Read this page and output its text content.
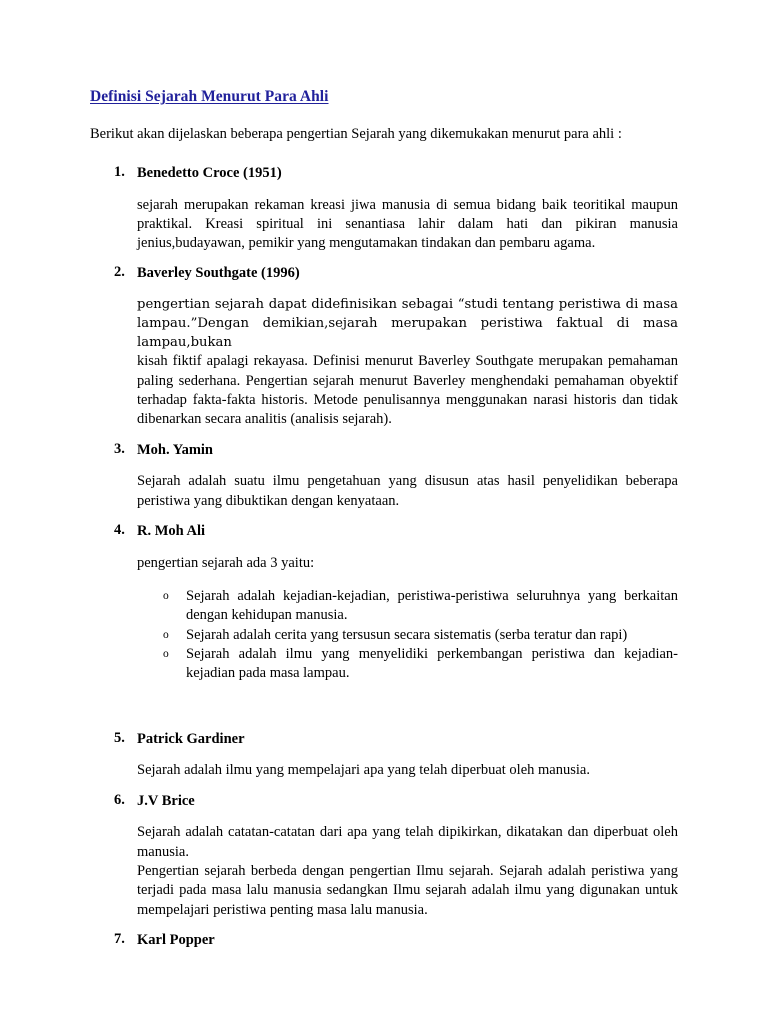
Definisi Sejarah Menurut Para Ahli

Berikut akan dijelaskan beberapa pengertian Sejarah yang dikemukakan menurut para ahli :

1. Benedetto Croce (1951)

sejarah merupakan rekaman kreasi jiwa manusia di semua bidang baik teoritikal maupun praktikal. Kreasi spiritual ini senantiasa lahir dalam hati dan pikiran manusia jenius,budayawan, pemikir yang mengutamakan tindakan dan pembaru agama.

2. Baverley Southgate (1996)

pengertian sejarah dapat didefinisikan sebagai “studi tentang peristiwa di masa lampau.”Dengan demikian,sejarah merupakan peristiwa faktual di masa lampau,bukan

kisah fiktif apalagi rekayasa. Definisi menurut Baverley Southgate merupakan pemahaman paling sederhana. Pengertian sejarah menurut Baverley menghendaki pemahaman obyektif terhadap fakta-fakta historis. Metode penulisannya menggunakan narasi historis dan tidak dibenarkan secara analitis (analisis sejarah).

3. Moh. Yamin

Sejarah adalah suatu ilmu pengetahuan yang disusun atas hasil penyelidikan beberapa peristiwa yang dibuktikan dengan kenyataan.

4. R. Moh Ali

pengertian sejarah ada 3 yaitu:

o Sejarah adalah kejadian-kejadian, peristiwa-peristiwa seluruhnya yang berkaitan dengan kehidupan manusia.
o Sejarah adalah cerita yang tersusun secara sistematis (serba teratur dan rapi)
o Sejarah adalah ilmu yang menyelidiki perkembangan peristiwa dan kejadian-kejadian pada masa lampau.
5. Patrick Gardiner

Sejarah adalah ilmu yang mempelajari apa yang telah diperbuat oleh manusia.

6. J.V Brice

Sejarah adalah catatan-catatan dari apa yang telah dipikirkan, dikatakan dan diperbuat oleh manusia.

Pengertian sejarah berbeda dengan pengertian Ilmu sejarah. Sejarah adalah peristiwa yang terjadi pada masa lalu manusia sedangkan Ilmu sejarah adalah ilmu yang digunakan untuk mempelajari peristiwa penting masa lalu manusia.

7. Karl Popper
